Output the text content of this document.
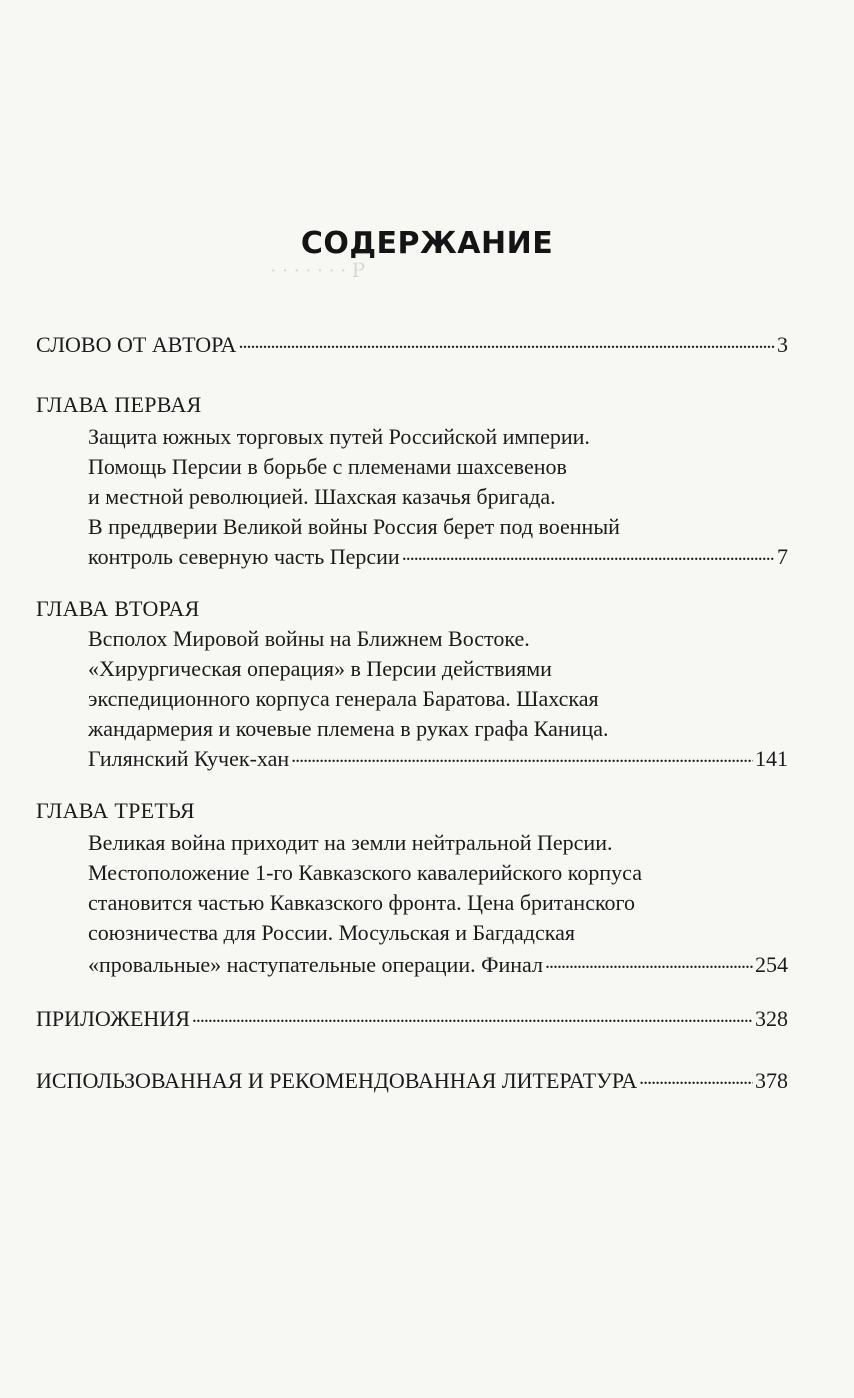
ꟼ · · · · · · ·
СОДЕРЖАНИЕ
СЛОВО ОТ АВТОРА . . .	3
ГЛАВА ПЕРВАЯ
Защита южных торговых путей Российской империи.
Помощь Персии в борьбе с племенами шахсевенов
и местной революцией. Шахская казачья бригада.
В преддверии Великой войны Россия берет под военный
контроль северную часть Персии . . .	7
ГЛАВА ВТОРАЯ
Всполох Мировой войны на Ближнем Востоке.
«Хирургическая операция» в Персии действиями
экспедиционного корпуса генерала Баратова. Шахская
жандармерия и кочевые племена в руках графа Каница.
Гилянский Кучек-хан . . .	141
ГЛАВА ТРЕТЬЯ
Великая война приходит на земли нейтральной Персии.
Местоположение 1-го Кавказского кавалерийского корпуса
становится частью Кавказского фронта. Цена британского
союзничества для России. Мосульская и Багдадская
«провальные» наступательные операции. Финал . . .	254
ПРИЛОЖЕНИЯ . . .	328
ИСПОЛЬЗОВАННАЯ И РЕКОМЕНДОВАННАЯ ЛИТЕРАТУРА . . .	378
